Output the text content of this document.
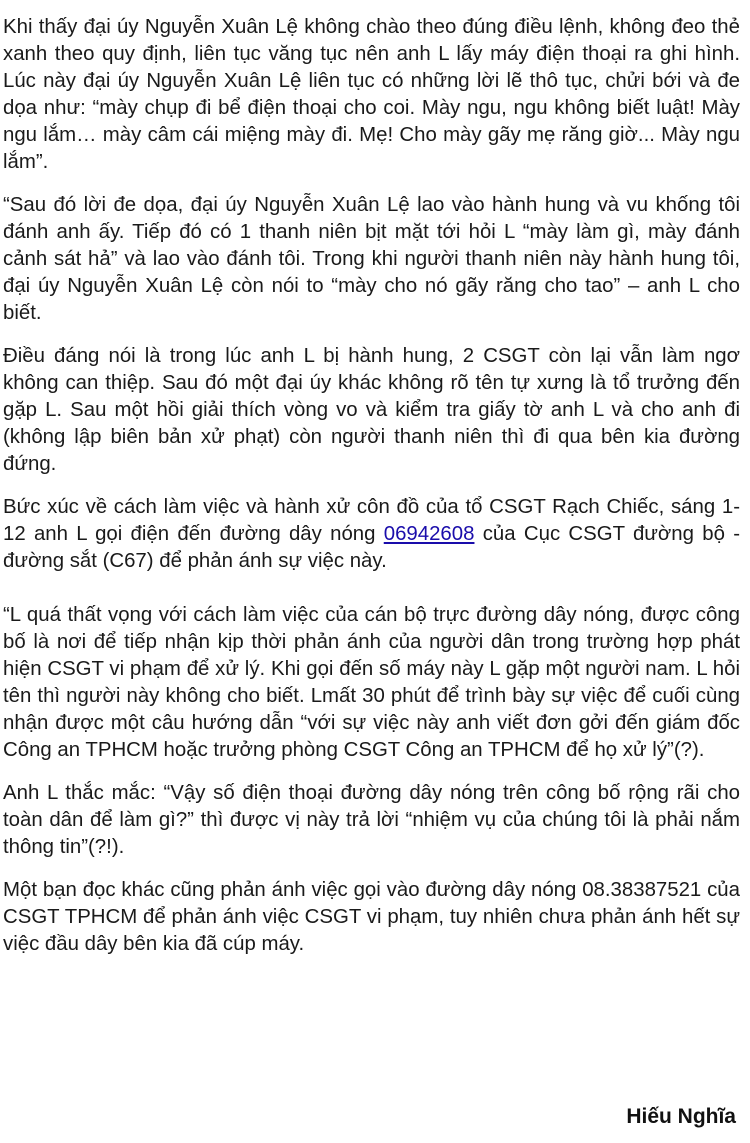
Khi thấy đại úy Nguyễn Xuân Lệ không chào theo đúng điều lệnh, không đeo thẻ xanh theo quy định, liên tục văng tục nên anh L lấy máy điện thoại ra ghi hình. Lúc này đại úy Nguyễn Xuân Lệ liên tục có những lời lẽ thô tục, chửi bới và đe dọa như: “mày chụp đi bể điện thoại cho coi. Mày ngu, ngu không biết luật! Mày ngu lắm… mày câm cái miệng mày đi. Mẹ! Cho mày gãy mẹ răng giờ... Mày ngu lắm”.

“Sau đó lời đe dọa, đại úy Nguyễn Xuân Lệ lao vào hành hung và vu khống tôi đánh anh ấy. Tiếp đó có 1 thanh niên bịt mặt tới hỏi L “mày làm gì, mày đánh cảnh sát hả” và lao vào đánh tôi. Trong khi người thanh niên này hành hung tôi, đại úy Nguyễn Xuân Lệ còn nói to “mày cho nó gãy răng cho tao” – anh L cho biết.

Điều đáng nói là trong lúc anh L bị hành hung, 2 CSGT còn lại vẫn làm ngơ không can thiệp. Sau đó một đại úy khác không rõ tên tự xưng là tổ trưởng đến gặp L. Sau một hồi giải thích vòng vo và kiểm tra giấy tờ anh L và cho anh đi (không lập biên bản xử phạt) còn người thanh niên thì đi qua bên kia đường đứng.

Bức xúc về cách làm việc và hành xử côn đồ của tổ CSGT Rạch Chiếc, sáng 1-12 anh L gọi điện đến đường dây nóng 06942608 của Cục CSGT đường bộ - đường sắt (C67) để phản ánh sự việc này.

“L quá thất vọng với cách làm việc của cán bộ trực đường dây nóng, được công bố là nơi để tiếp nhận kịp thời phản ánh của người dân trong trường hợp phát hiện CSGT vi phạm để xử lý. Khi gọi đến số máy này L gặp một người nam. L hỏi tên thì người này không cho biết. Lmất 30 phút để trình bày sự việc để cuối cùng nhận được một câu hướng dẫn “với sự việc này anh viết đơn gởi đến giám đốc Công an TPHCM hoặc trưởng phòng CSGT Công an TPHCM để họ xử lý”(?).

Anh L thắc mắc: “Vậy số điện thoại đường dây nóng trên công bố rộng rãi cho toàn dân để làm gì?” thì được vị này trả lời “nhiệm vụ của chúng tôi là phải nắm thông tin”(?!).

Một bạn đọc khác cũng phản ánh việc gọi vào đường dây nóng 08.38387521 của CSGT TPHCM để phản ánh việc CSGT vi phạm, tuy nhiên chưa phản ánh hết sự việc đầu dây bên kia đã cúp máy.

Hiếu Nghĩa
